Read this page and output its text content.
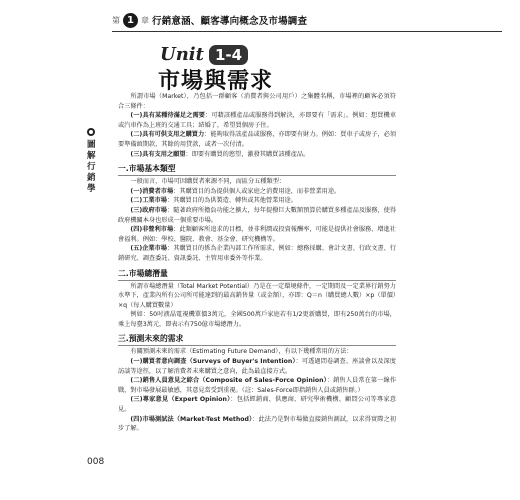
第 1 章 行銷意涵、顧客導向概念及市場調查
Unit 1-4
市場與需求
圖解行銷學
008

所謂市場（Market），乃包括一群顧客（消費者與公司用戶）之集體名稱，市場裡的顧客必須符合三條件：

(一)具有某種待滿足之需要：可藉該種產品或服務得到解決，亦即要有「需求」。例如：想買機車或汽車作為上班的交通工具；結婚了，希望買個房子住。

(二)具有可供支用之購買力：能夠取得該產品或服務，亦即要有財力。例如：買車子或房子，必須要準備頭期款，其餘的用貸款，或者一次付清。

(三)具有支用之願望：即要有購買的慾望，激發其購買該種產品。

一.市場基本類型

一般而言，市場可因購買者來源不同，而區分五種類型：

(一)消費者市場：其購買目的為提供個人或家庭之消費用途，而非營業用途。

(二)工業市場：其購買目的為供製造、轉售或其他營業用途。

(三)政府市場：隨著政府所擔負功能之擴大，每年提撥巨大數額預算於購買多種產品及服務，使得政府機關本身也形成一個重要市場。

(四)非營利市場：此類顧客所追求的目標，並非利潤或投資報酬率，可能是提供社會服務、增進社會福利。例如：學校、醫院、教會、基金會、研究機構等。

(五)企業市場：其購買目的係為企業內部工作所需求，例如：總務採購、會計文書、行政文書、行銷研究、調查委託、資訊委託、主管用車委外等作業。

二.市場總潛量

所謂市場總潛量（Total Market Potential）乃是在一定環境條件，一定期間及一定業界行銷努力水準下，產業內所有公司所可能達到的最高銷售量（或金額），亦即：Q＝n（購買總人數）×p（單價）×q（每人購買數量）

例如：50吋液晶電視機單價3萬元，全國500萬戶家庭若有1/2更新購買，即有250萬台的市場，乘上每臺3萬元，即表示有750億市場總潛力。

三.預測未來的需求

有關預測未來的需求（Estimating Future Demand），有以下幾種常用的方法：

(一)購買者意向調查（Surveys of Buyer's Intention）：可透過問卷調查、座談會以及深度訪談等途徑，以了解消費者未來購買之意向，此為最直接方式。

(二)銷售人員意見之綜合（Composite of Sales-Force Opinion）：銷售人員常在第一線作戰，對市場發展最敏感，其意見當受到重視。（註：Sales-Force即指銷售人員或銷售群。）

(三)專家意見（Expert Opinion）：包括經銷商、供應商、研究學術機構、顧問公司等專家意見。

(四)市場測試法（Market-Test Method）：此法乃是對市場做直接銷售測試，以求得實際之初步了解。
